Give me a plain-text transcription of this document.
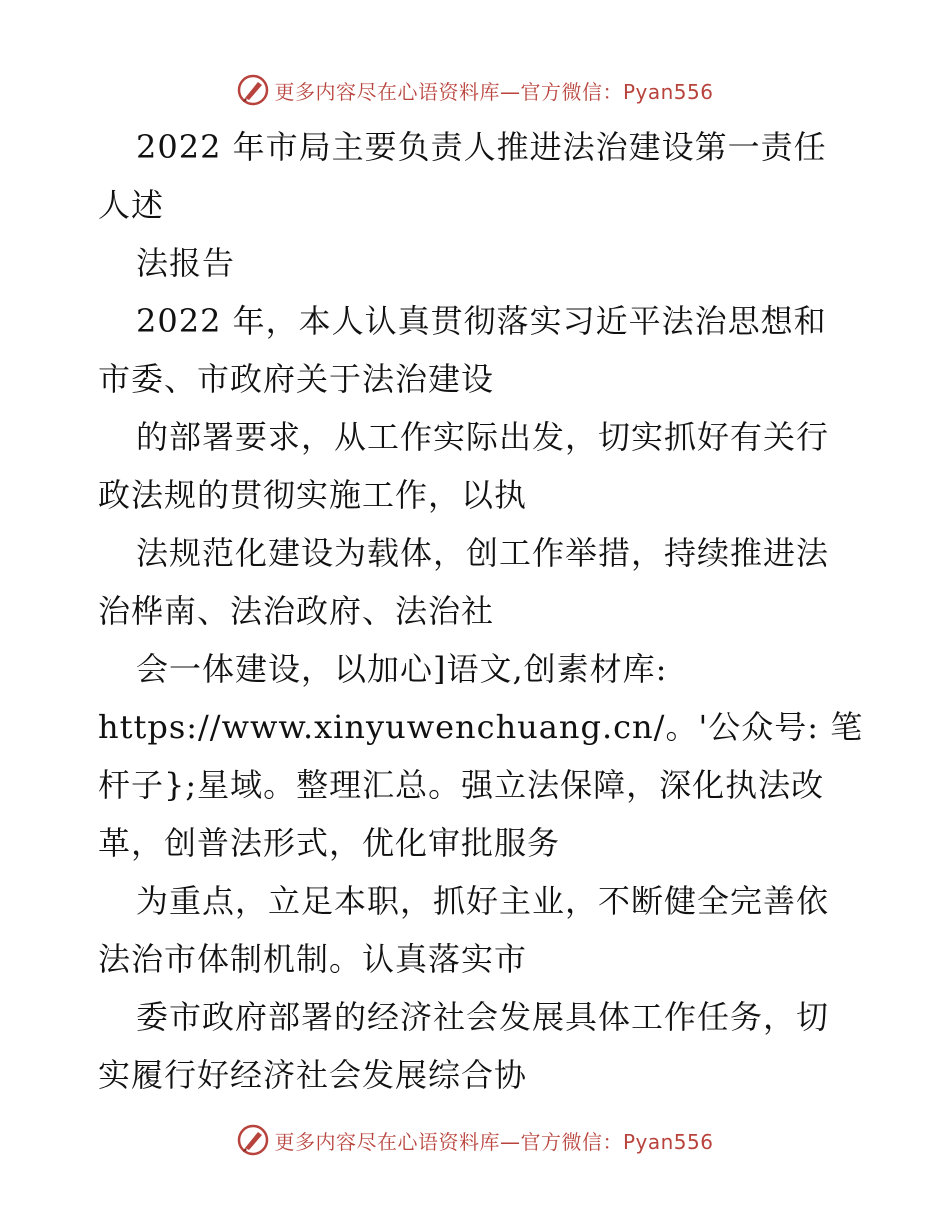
更多内容尽在心语资料库—官方微信：Pyan556
2022 年市局主要负责人推进法治建设第一责任
人述
法报告
2022 年，本人认真贯彻落实习近平法治思想和
市委、市政府关于法治建设
的部署要求，从工作实际出发，切实抓好有关行
政法规的贯彻实施工作，以执
法规范化建设为载体，创工作举措，持续推进法
治桦南、法治政府、法治社
会一体建设，以加心]语文,创素材库:
https://www.xinyuwenchuang.cn/。'公众号: 笔
杆子};星域。整理汇总。强立法保障，深化执法改
革，创普法形式，优化审批服务
为重点，立足本职，抓好主业，不断健全完善依
法治市体制机制。认真落实市
委市政府部署的经济社会发展具体工作任务，切
实履行好经济社会发展综合协
更多内容尽在心语资料库—官方微信：Pyan556
